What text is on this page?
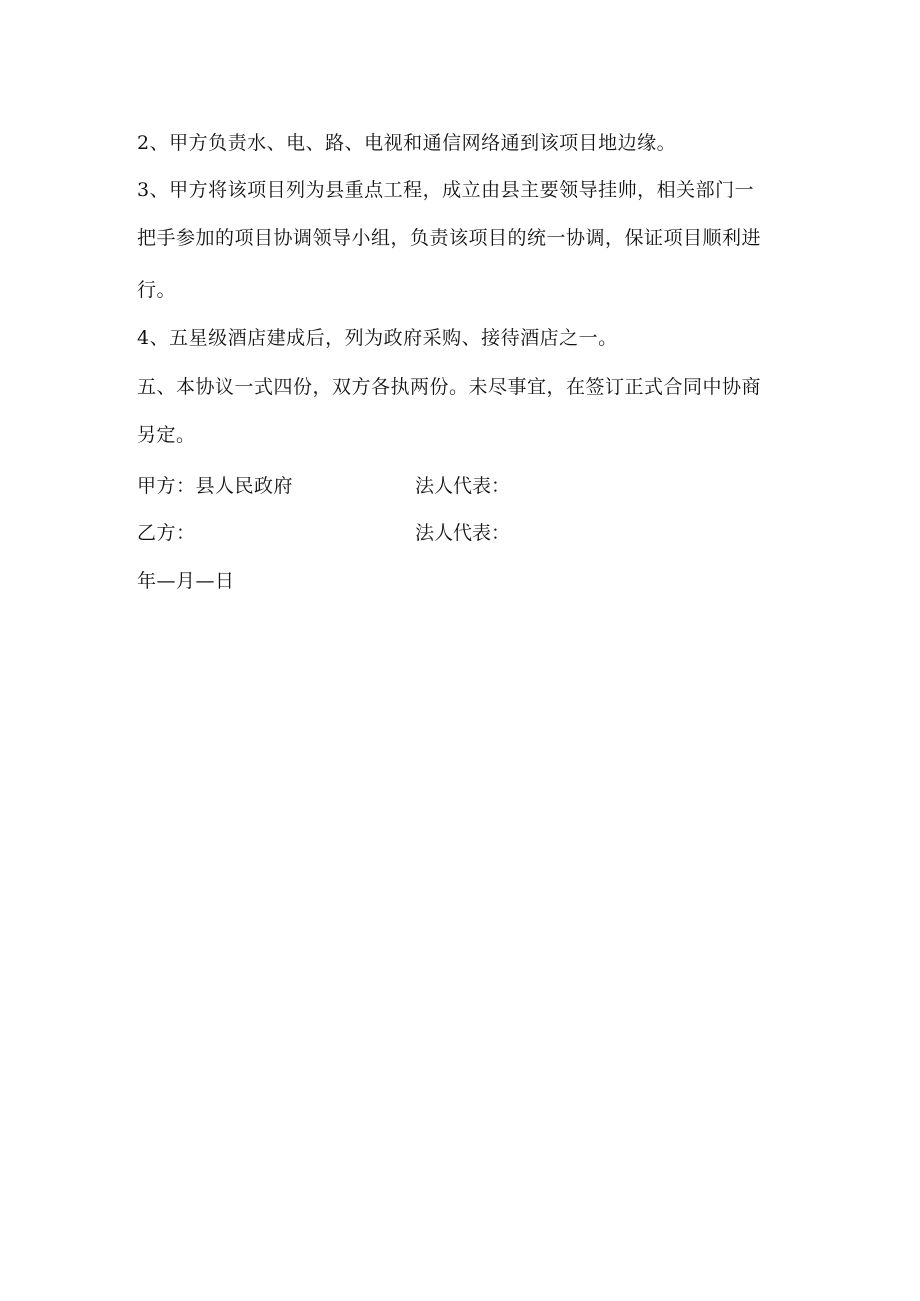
2、甲方负责水、电、路、电视和通信网络通到该项目地边缘。
3、甲方将该项目列为县重点工程，成立由县主要领导挂帅，相关部门一
把手参加的项目协调领导小组，负责该项目的统一协调，保证项目顺利进
行。
4、五星级酒店建成后，列为政府采购、接待酒店之一。
五、本协议一式四份，双方各执两份。未尽事宜，在签订正式合同中协商
另定。
甲方：县人民政府	法人代表：
乙方：	法人代表：
年—月—日
